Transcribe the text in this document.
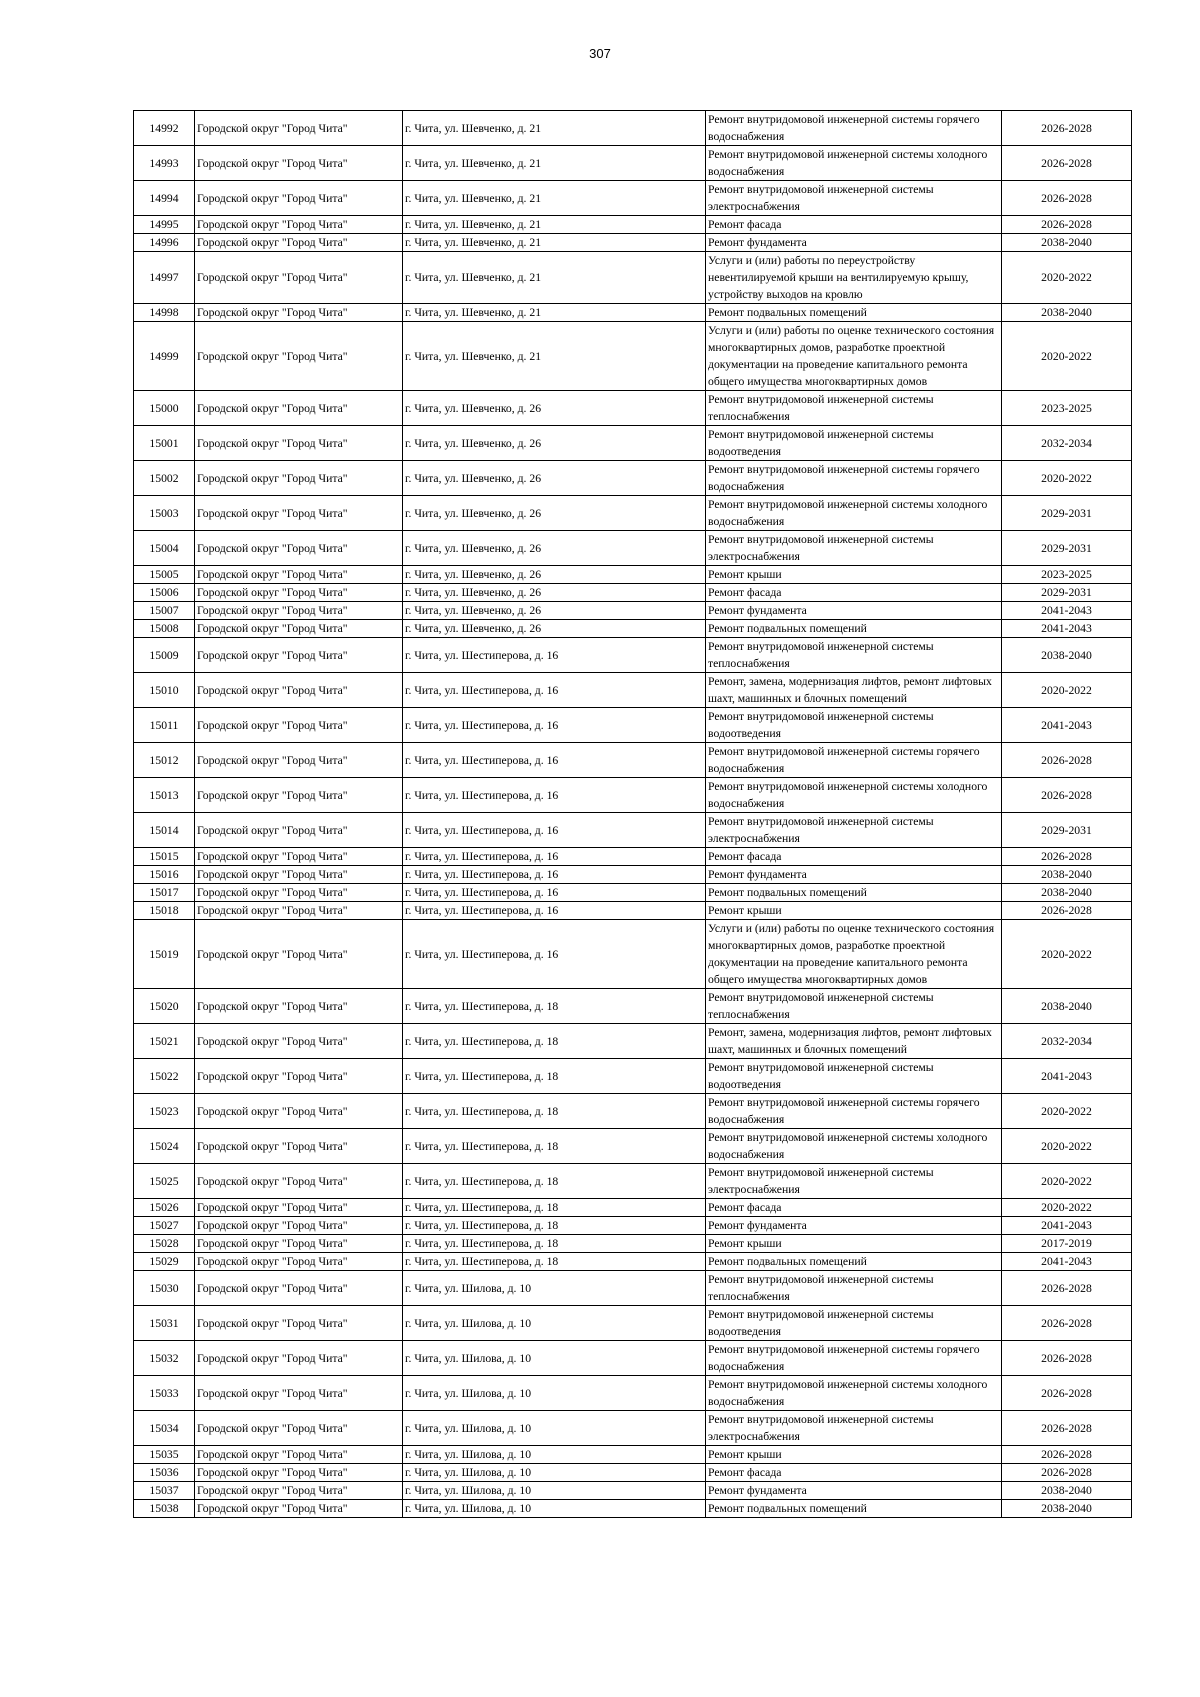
307
14992	Городской округ "Город Чита"	г. Чита, ул. Шевченко, д. 21	Ремонт внутридомовой инженерной системы горячего водоснабжения	2026-2028
14993	Городской округ "Город Чита"	г. Чита, ул. Шевченко, д. 21	Ремонт внутридомовой инженерной системы холодного водоснабжения	2026-2028
14994	Городской округ "Город Чита"	г. Чита, ул. Шевченко, д. 21	Ремонт внутридомовой инженерной системы электроснабжения	2026-2028
14995	Городской округ "Город Чита"	г. Чита, ул. Шевченко, д. 21	Ремонт фасада	2026-2028
14996	Городской округ "Город Чита"	г. Чита, ул. Шевченко, д. 21	Ремонт фундамента	2038-2040
14997	Городской округ "Город Чита"	г. Чита, ул. Шевченко, д. 21	Услуги и (или) работы по переустройству невентилируемой крыши на вентилируемую крышу, устройству выходов на кровлю	2020-2022
14998	Городской округ "Город Чита"	г. Чита, ул. Шевченко, д. 21	Ремонт подвальных помещений	2038-2040
14999	Городской округ "Город Чита"	г. Чита, ул. Шевченко, д. 21	Услуги и (или) работы по оценке технического состояния многоквартирных домов, разработке проектной документации на проведение капитального ремонта общего имущества многоквартирных домов	2020-2022
15000	Городской округ "Город Чита"	г. Чита, ул. Шевченко, д. 26	Ремонт внутридомовой инженерной системы теплоснабжения	2023-2025
15001	Городской округ "Город Чита"	г. Чита, ул. Шевченко, д. 26	Ремонт внутридомовой инженерной системы водоотведения	2032-2034
15002	Городской округ "Город Чита"	г. Чита, ул. Шевченко, д. 26	Ремонт внутридомовой инженерной системы горячего водоснабжения	2020-2022
15003	Городской округ "Город Чита"	г. Чита, ул. Шевченко, д. 26	Ремонт внутридомовой инженерной системы холодного водоснабжения	2029-2031
15004	Городской округ "Город Чита"	г. Чита, ул. Шевченко, д. 26	Ремонт внутридомовой инженерной системы электроснабжения	2029-2031
15005	Городской округ "Город Чита"	г. Чита, ул. Шевченко, д. 26	Ремонт крыши	2023-2025
15006	Городской округ "Город Чита"	г. Чита, ул. Шевченко, д. 26	Ремонт фасада	2029-2031
15007	Городской округ "Город Чита"	г. Чита, ул. Шевченко, д. 26	Ремонт фундамента	2041-2043
15008	Городской округ "Город Чита"	г. Чита, ул. Шевченко, д. 26	Ремонт подвальных помещений	2041-2043
15009	Городской округ "Город Чита"	г. Чита, ул. Шестиперова, д. 16	Ремонт внутридомовой инженерной системы теплоснабжения	2038-2040
15010	Городской округ "Город Чита"	г. Чита, ул. Шестиперова, д. 16	Ремонт, замена, модернизация лифтов, ремонт лифтовых шахт, машинных и блочных помещений	2020-2022
15011	Городской округ "Город Чита"	г. Чита, ул. Шестиперова, д. 16	Ремонт внутридомовой инженерной системы водоотведения	2041-2043
15012	Городской округ "Город Чита"	г. Чита, ул. Шестиперова, д. 16	Ремонт внутридомовой инженерной системы горячего водоснабжения	2026-2028
15013	Городской округ "Город Чита"	г. Чита, ул. Шестиперова, д. 16	Ремонт внутридомовой инженерной системы холодного водоснабжения	2026-2028
15014	Городской округ "Город Чита"	г. Чита, ул. Шестиперова, д. 16	Ремонт внутридомовой инженерной системы электроснабжения	2029-2031
15015	Городской округ "Город Чита"	г. Чита, ул. Шестиперова, д. 16	Ремонт фасада	2026-2028
15016	Городской округ "Город Чита"	г. Чита, ул. Шестиперова, д. 16	Ремонт фундамента	2038-2040
15017	Городской округ "Город Чита"	г. Чита, ул. Шестиперова, д. 16	Ремонт подвальных помещений	2038-2040
15018	Городской округ "Город Чита"	г. Чита, ул. Шестиперова, д. 16	Ремонт крыши	2026-2028
15019	Городской округ "Город Чита"	г. Чита, ул. Шестиперова, д. 16	Услуги и (или) работы по оценке технического состояния многоквартирных домов, разработке проектной документации на проведение капитального ремонта общего имущества многоквартирных домов	2020-2022
15020	Городской округ "Город Чита"	г. Чита, ул. Шестиперова, д. 18	Ремонт внутридомовой инженерной системы теплоснабжения	2038-2040
15021	Городской округ "Город Чита"	г. Чита, ул. Шестиперова, д. 18	Ремонт, замена, модернизация лифтов, ремонт лифтовых шахт, машинных и блочных помещений	2032-2034
15022	Городской округ "Город Чита"	г. Чита, ул. Шестиперова, д. 18	Ремонт внутридомовой инженерной системы водоотведения	2041-2043
15023	Городской округ "Город Чита"	г. Чита, ул. Шестиперова, д. 18	Ремонт внутридомовой инженерной системы горячего водоснабжения	2020-2022
15024	Городской округ "Город Чита"	г. Чита, ул. Шестиперова, д. 18	Ремонт внутридомовой инженерной системы холодного водоснабжения	2020-2022
15025	Городской округ "Город Чита"	г. Чита, ул. Шестиперова, д. 18	Ремонт внутридомовой инженерной системы электроснабжения	2020-2022
15026	Городской округ "Город Чита"	г. Чита, ул. Шестиперова, д. 18	Ремонт фасада	2020-2022
15027	Городской округ "Город Чита"	г. Чита, ул. Шестиперова, д. 18	Ремонт фундамента	2041-2043
15028	Городской округ "Город Чита"	г. Чита, ул. Шестиперова, д. 18	Ремонт крыши	2017-2019
15029	Городской округ "Город Чита"	г. Чита, ул. Шестиперова, д. 18	Ремонт подвальных помещений	2041-2043
15030	Городской округ "Город Чита"	г. Чита, ул. Шилова, д. 10	Ремонт внутридомовой инженерной системы теплоснабжения	2026-2028
15031	Городской округ "Город Чита"	г. Чита, ул. Шилова, д. 10	Ремонт внутридомовой инженерной системы водоотведения	2026-2028
15032	Городской округ "Город Чита"	г. Чита, ул. Шилова, д. 10	Ремонт внутридомовой инженерной системы горячего водоснабжения	2026-2028
15033	Городской округ "Город Чита"	г. Чита, ул. Шилова, д. 10	Ремонт внутридомовой инженерной системы холодного водоснабжения	2026-2028
15034	Городской округ "Город Чита"	г. Чита, ул. Шилова, д. 10	Ремонт внутридомовой инженерной системы электроснабжения	2026-2028
15035	Городской округ "Город Чита"	г. Чита, ул. Шилова, д. 10	Ремонт крыши	2026-2028
15036	Городской округ "Город Чита"	г. Чита, ул. Шилова, д. 10	Ремонт фасада	2026-2028
15037	Городской округ "Город Чита"	г. Чита, ул. Шилова, д. 10	Ремонт фундамента	2038-2040
15038	Городской округ "Город Чита"	г. Чита, ул. Шилова, д. 10	Ремонт подвальных помещений	2038-2040
